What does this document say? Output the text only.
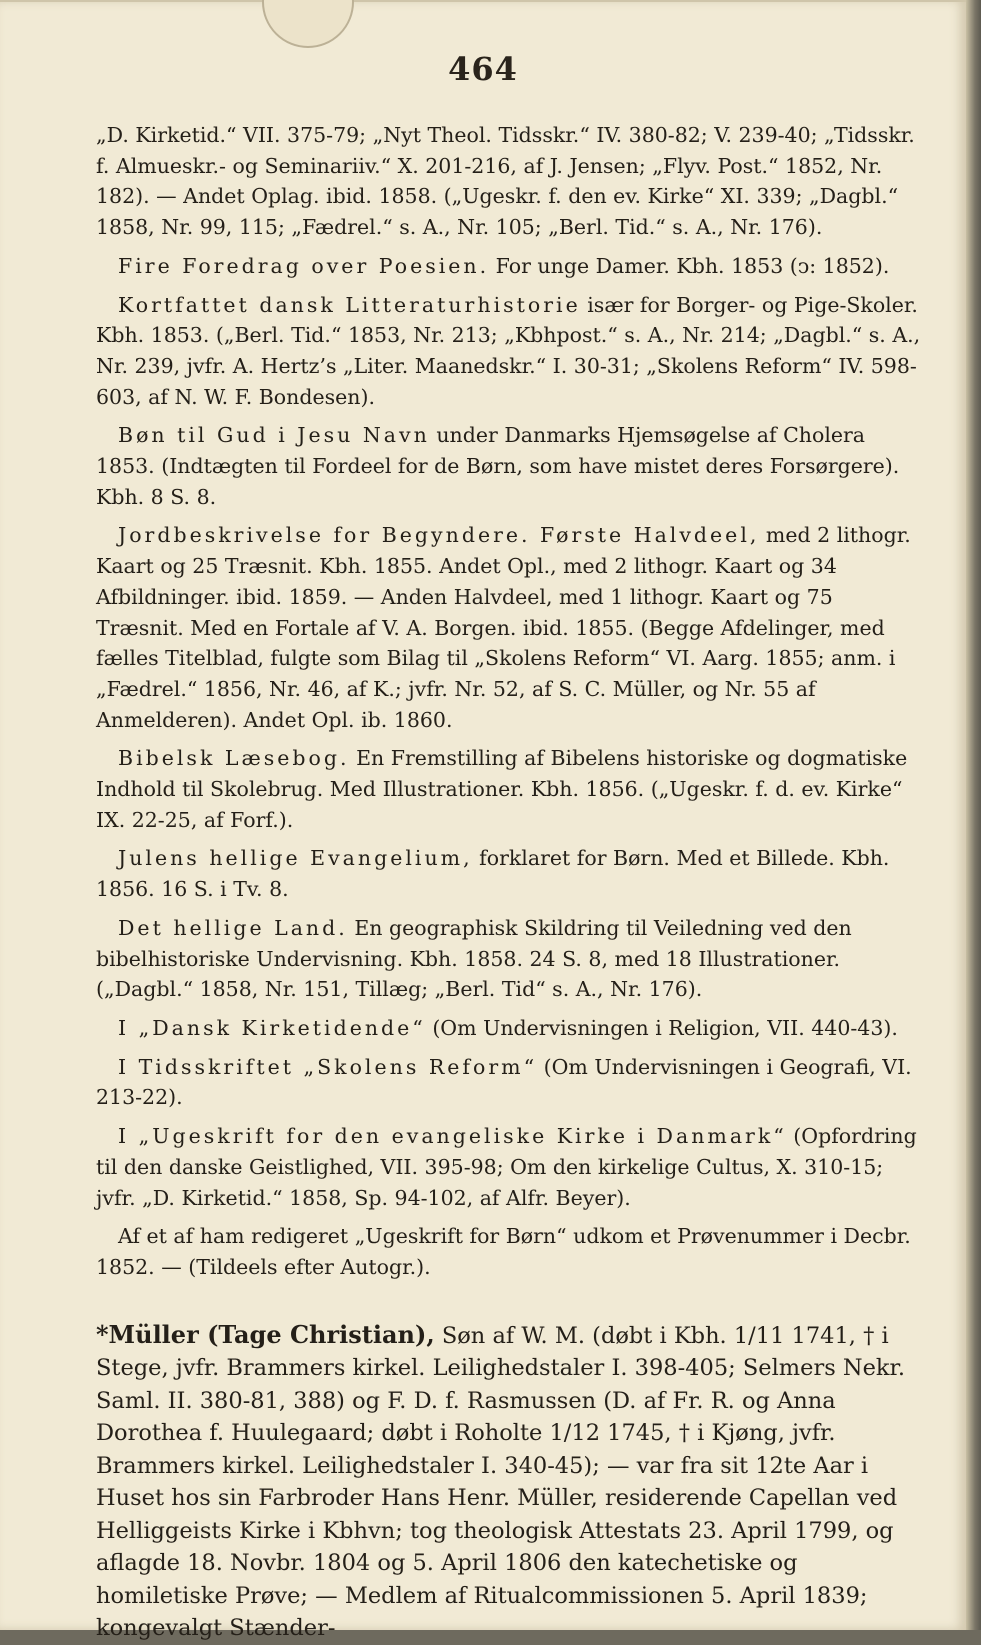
464

„D. Kirketid.“ VII. 375-79; „Nyt Theol. Tidsskr.“ IV. 380-82; V. 239-40; „Tidsskr. f. Almueskr.- og Seminariiv.“ X. 201-216, af J. Jensen; „Flyv. Post.“ 1852, Nr. 182). — Andet Oplag. ibid. 1858. („Ugeskr. f. den ev. Kirke“ XI. 339; „Dagbl.“ 1858, Nr. 99, 115; „Fædrel.“ s. A., Nr. 105; „Berl. Tid.“ s. A., Nr. 176).

Fire Foredrag over Poesien. For unge Damer. Kbh. 1853 (ↄ: 1852).

Kortfattet dansk Litteraturhistorie især for Borger- og Pige-Skoler. Kbh. 1853. („Berl. Tid.“ 1853, Nr. 213; „Kbhpost.“ s. A., Nr. 214; „Dagbl.“ s. A., Nr. 239, jvfr. A. Hertz’s „Liter. Maanedskr.“ I. 30-31; „Skolens Reform“ IV. 598-603, af N. W. F. Bondesen).

Bøn til Gud i Jesu Navn under Danmarks Hjemsøgelse af Cholera 1853. (Indtægten til Fordeel for de Børn, som have mistet deres Forsørgere). Kbh. 8 S. 8.

Jordbeskrivelse for Begyndere. Første Halvdeel, med 2 lithogr. Kaart og 25 Træsnit. Kbh. 1855. Andet Opl., med 2 lithogr. Kaart og 34 Afbildninger. ibid. 1859. — Anden Halvdeel, med 1 lithogr. Kaart og 75 Træsnit. Med en Fortale af V. A. Borgen. ibid. 1855. (Begge Afdelinger, med fælles Titelblad, fulgte som Bilag til „Skolens Reform“ VI. Aarg. 1855; anm. i „Fædrel.“ 1856, Nr. 46, af K.; jvfr. Nr. 52, af S. C. Müller, og Nr. 55 af Anmelderen). Andet Opl. ib. 1860.

Bibelsk Læsebog. En Fremstilling af Bibelens historiske og dogmatiske Indhold til Skolebrug. Med Illustrationer. Kbh. 1856. („Ugeskr. f. d. ev. Kirke“ IX. 22-25, af Forf.).

Julens hellige Evangelium, forklaret for Børn. Med et Billede. Kbh. 1856. 16 S. i Tv. 8.

Det hellige Land. En geographisk Skildring til Veiledning ved den bibelhistoriske Undervisning. Kbh. 1858. 24 S. 8, med 18 Illustrationer. („Dagbl.“ 1858, Nr. 151, Tillæg; „Berl. Tid“ s. A., Nr. 176).

I „Dansk Kirketidende“ (Om Undervisningen i Religion, VII. 440-43).

I Tidsskriftet „Skolens Reform“ (Om Undervisningen i Geografi, VI. 213-22).

I „Ugeskrift for den evangeliske Kirke i Danmark“ (Opfordring til den danske Geistlighed, VII. 395-98; Om den kirkelige Cultus, X. 310-15; jvfr. „D. Kirketid.“ 1858, Sp. 94-102, af Alfr. Beyer).

Af et af ham redigeret „Ugeskrift for Børn“ udkom et Prøvenummer i Decbr. 1852. — (Tildeels efter Autogr.).

*Müller (Tage Christian), Søn af W. M. (døbt i Kbh. 1/11 1741, † i Stege, jvfr. Brammers kirkel. Leilighedstaler I. 398-405; Selmers Nekr. Saml. II. 380-81, 388) og F. D. f. Rasmussen (D. af Fr. R. og Anna Dorothea f. Huulegaard; døbt i Roholte 1/12 1745, † i Kjøng, jvfr. Brammers kirkel. Leilighedstaler I. 340-45); — var fra sit 12te Aar i Huset hos sin Farbroder Hans Henr. Müller, residerende Capellan ved Helliggeists Kirke i Kbhvn; tog theologisk Attestats 23. April 1799, og aflagde 18. Novbr. 1804 og 5. April 1806 den katechetiske og homiletiske Prøve; — Medlem af Ritualcommissionen 5. April 1839; kongevalgt Stænder-
